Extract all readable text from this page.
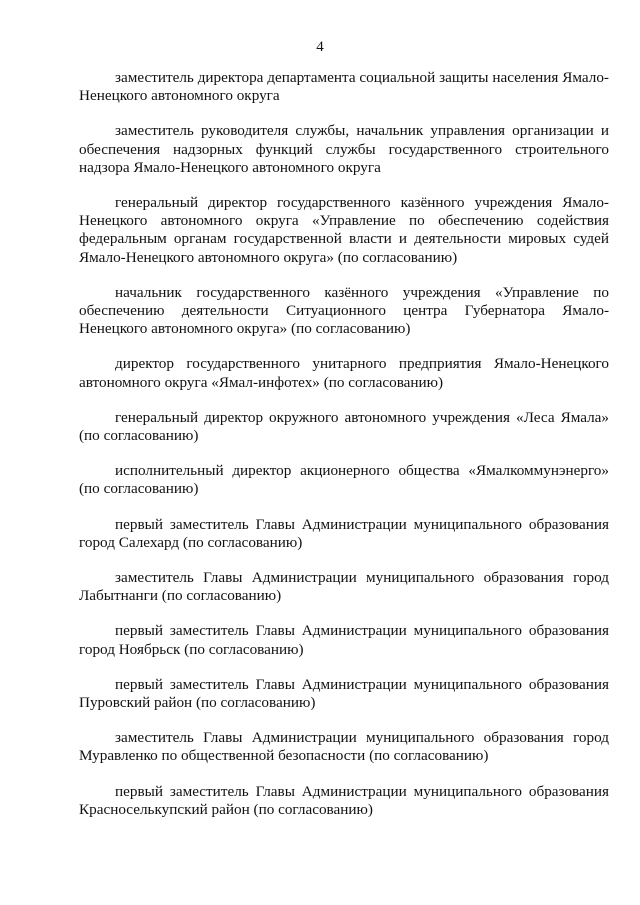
4

заместитель директора департамента социальной защиты населения Ямало-Ненецкого автономного округа

заместитель руководителя службы, начальник управления организации и обеспечения надзорных функций службы государственного строительного надзора Ямало-Ненецкого автономного округа

генеральный директор государственного казённого учреждения Ямало-Ненецкого автономного округа «Управление по обеспечению содействия федеральным органам государственной власти и деятельности мировых судей Ямало-Ненецкого автономного округа» (по согласованию)

начальник государственного казённого учреждения «Управление по обеспечению деятельности Ситуационного центра Губернатора Ямало-Ненецкого автономного округа» (по согласованию)

директор государственного унитарного предприятия Ямало-Ненецкого автономного округа «Ямал-инфотех» (по согласованию)

генеральный директор окружного автономного учреждения «Леса Ямала» (по согласованию)

исполнительный директор акционерного общества «Ямалкоммунэнерго» (по согласованию)

первый заместитель Главы Администрации муниципального образования город Салехард (по согласованию)

заместитель Главы Администрации муниципального образования город Лабытнанги (по согласованию)

первый заместитель Главы Администрации муниципального образования город Ноябрьск (по согласованию)

первый заместитель Главы Администрации муниципального образования Пуровский район (по согласованию)

заместитель Главы Администрации муниципального образования город Муравленко по общественной безопасности (по согласованию)

первый заместитель Главы Администрации муниципального образования Красноселькупский район (по согласованию)
